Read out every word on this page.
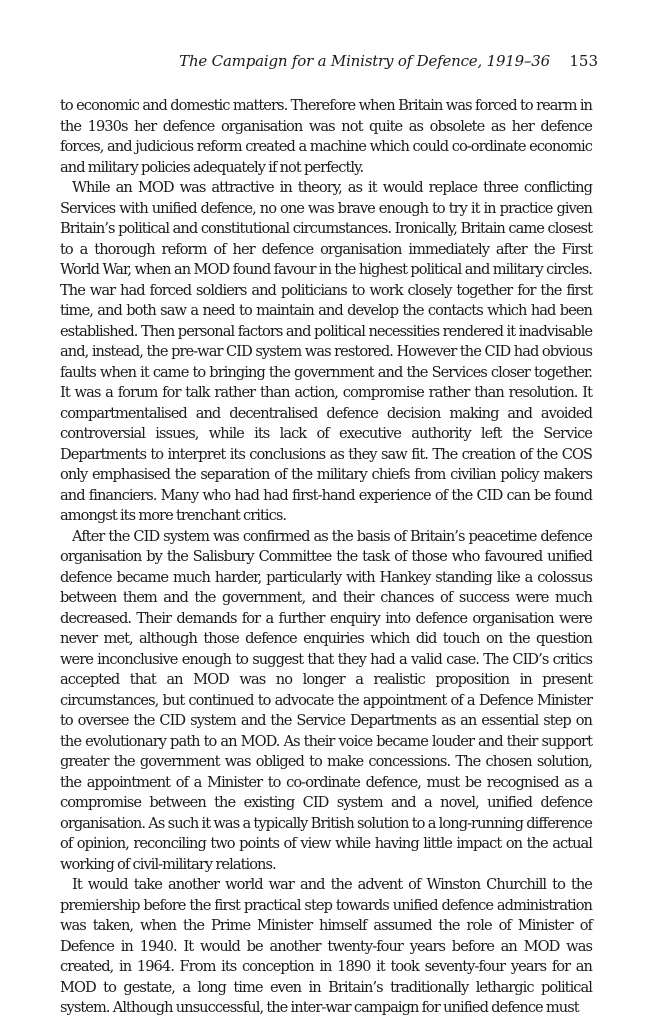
The Campaign for a Ministry of Defence, 1919–36 153

to economic and domestic matters. Therefore when Britain was forced to rearm in the 1930s her defence organisation was not quite as obsolete as her defence forces, and judicious reform created a machine which could co-ordinate economic and military policies adequately if not perfectly.

While an MOD was attractive in theory, as it would replace three conflicting Services with unified defence, no one was brave enough to try it in practice given Britain’s political and constitutional circumstances. Ironically, Britain came closest to a thorough reform of her defence organisation immediately after the First World War, when an MOD found favour in the highest political and military circles. The war had forced soldiers and politicians to work closely together for the first time, and both saw a need to maintain and develop the contacts which had been established. Then personal factors and political necessities rendered it inadvisable and, instead, the pre-war CID system was restored. However the CID had obvious faults when it came to bringing the government and the Services closer together. It was a forum for talk rather than action, compromise rather than resolution. It compartmentalised and decentralised defence decision making and avoided controversial issues, while its lack of executive authority left the Service Departments to interpret its conclusions as they saw fit. The creation of the COS only emphasised the separation of the military chiefs from civilian policy makers and financiers. Many who had had first-hand experience of the CID can be found amongst its more trenchant critics.

After the CID system was confirmed as the basis of Britain’s peacetime defence organisation by the Salisbury Committee the task of those who favoured unified defence became much harder, particularly with Hankey standing like a colossus between them and the government, and their chances of success were much decreased. Their demands for a further enquiry into defence organisation were never met, although those defence enquiries which did touch on the question were inconclusive enough to suggest that they had a valid case. The CID’s critics accepted that an MOD was no longer a realistic proposition in present circumstances, but continued to advocate the appointment of a Defence Minister to oversee the CID system and the Service Departments as an essential step on the evolutionary path to an MOD. As their voice became louder and their support greater the government was obliged to make concessions. The chosen solution, the appointment of a Minister to co-ordinate defence, must be recognised as a compromise between the existing CID system and a novel, unified defence organisation. As such it was a typically British solution to a long-running difference of opinion, reconciling two points of view while having little impact on the actual working of civil-military relations.

It would take another world war and the advent of Winston Churchill to the premiership before the first practical step towards unified defence administration was taken, when the Prime Minister himself assumed the role of Minister of Defence in 1940. It would be another twenty-four years before an MOD was created, in 1964. From its conception in 1890 it took seventy-four years for an MOD to gestate, a long time even in Britain’s traditionally lethargic political system. Although unsuccessful, the inter-war campaign for unified defence must
